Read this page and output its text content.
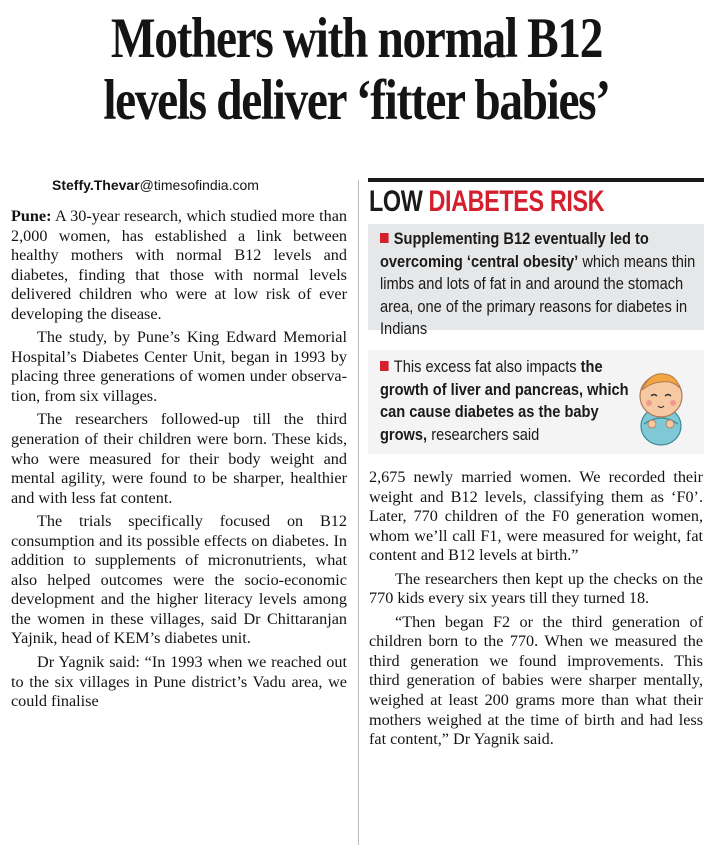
Mothers with normal B12
levels deliver ‘fitter babies’
Steffy.Thevar@timesofindia.com

Pune: A 30-year research, which studied more than 2,000 women, has established a link between healthy mothers with normal B12 levels and diabetes, finding that those with normal levels delivered children who were at low risk of ever developing the disease.

The study, by Pune’s King Edward Memorial Hospital’s Diabetes Center Unit, began in 1993 by placing three generations of women under observation, from six villages.

The researchers followed-up till the third generation of their children were born. These kids, who were measured for their body weight and mental agility, were found to be sharper, healthier and with less fat content.

The trials specifically focused on B12 consumption and its possible effects on diabetes. In addition to supplements of micronutrients, what also helped outcomes were the socio-economic development and the higher literacy levels among the women in these villages, said Dr Chittaranjan Yajnik, head of KEM’s diabetes unit.

Dr Yagnik said: “In 1993 when we reached out to the six villages in Pune district’s Vadu area, we could finalise

LOW DIABETES RISK

Supplementing B12 eventually led to overcoming ‘central obesity’ which means thin limbs and lots of fat in and around the stomach area, one of the primary reasons for diabetes in Indians

This excess fat also impacts the growth of liver and pancreas, which can cause diabetes as the baby grows, researchers said

2,675 newly married women. We recorded their weight and B12 levels, classifying them as ‘F0’. Later, 770 children of the F0 generation women, whom we’ll call F1, were measured for weight, fat content and B12 levels at birth.”

The researchers then kept up the checks on the 770 kids every six years till they turned 18.

“Then began F2 or the third generation of children born to the 770. When we measured the third generation we found improvements. This third generation of babies were sharper mentally, weighed at least 200 grams more than what their mothers weighed at the time of birth and had less fat content,” Dr Yagnik said.
